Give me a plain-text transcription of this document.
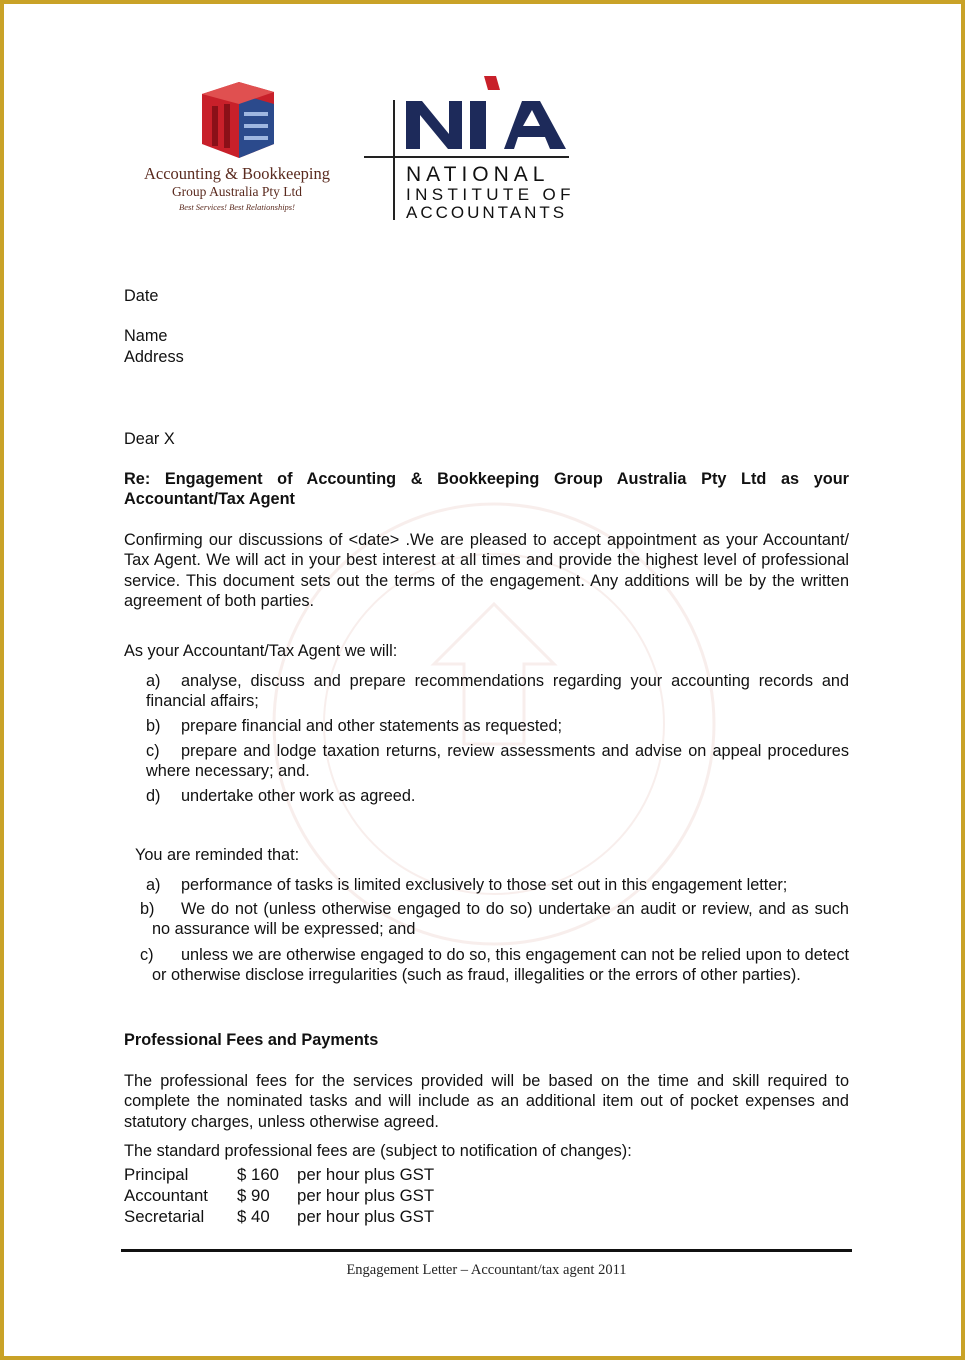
Accounting & Bookkeeping
Group Australia Pty Ltd
Best Services! Best Relationships!
NATIONAL
INSTITUTE OF
ACCOUNTANTS
Date
Name
Address
Dear X
Re: Engagement of Accounting & Bookkeeping Group Australia Pty Ltd as your
Accountant/Tax Agent
Confirming our discussions of <date> .We are pleased to accept appointment as your Accountant/ Tax Agent. We will act in your best interest at all times and provide the highest level of professional service. This document sets out the terms of the engagement. Any additions will be by the written agreement of both parties.
As your Accountant/Tax Agent we will:
a) analyse, discuss and prepare recommendations regarding your accounting records and financial affairs;
b) prepare financial and other statements as requested;
c) prepare and lodge taxation returns, review assessments and advise on appeal procedures where necessary; and.
d) undertake other work as agreed.
You are reminded that:
a) performance of tasks is limited exclusively to those set out in this engagement letter;
b) We do not (unless otherwise engaged to do so) undertake an audit or review, and as such no assurance will be expressed; and
c) unless we are otherwise engaged to do so, this engagement can not be relied upon to detect or otherwise disclose irregularities (such as fraud, illegalities or the errors of other parties).
Professional Fees and Payments
The professional fees for the services provided will be based on the time and skill required to complete the nominated tasks and will include as an additional item out of pocket expenses and statutory charges, unless otherwise agreed.
The standard professional fees are (subject to notification of changes):
Principal	$ 160 per hour plus GST
Accountant $ 90 per hour plus GST
Secretarial $ 40 per hour plus GST
Engagement Letter – Accountant/tax agent 2011
